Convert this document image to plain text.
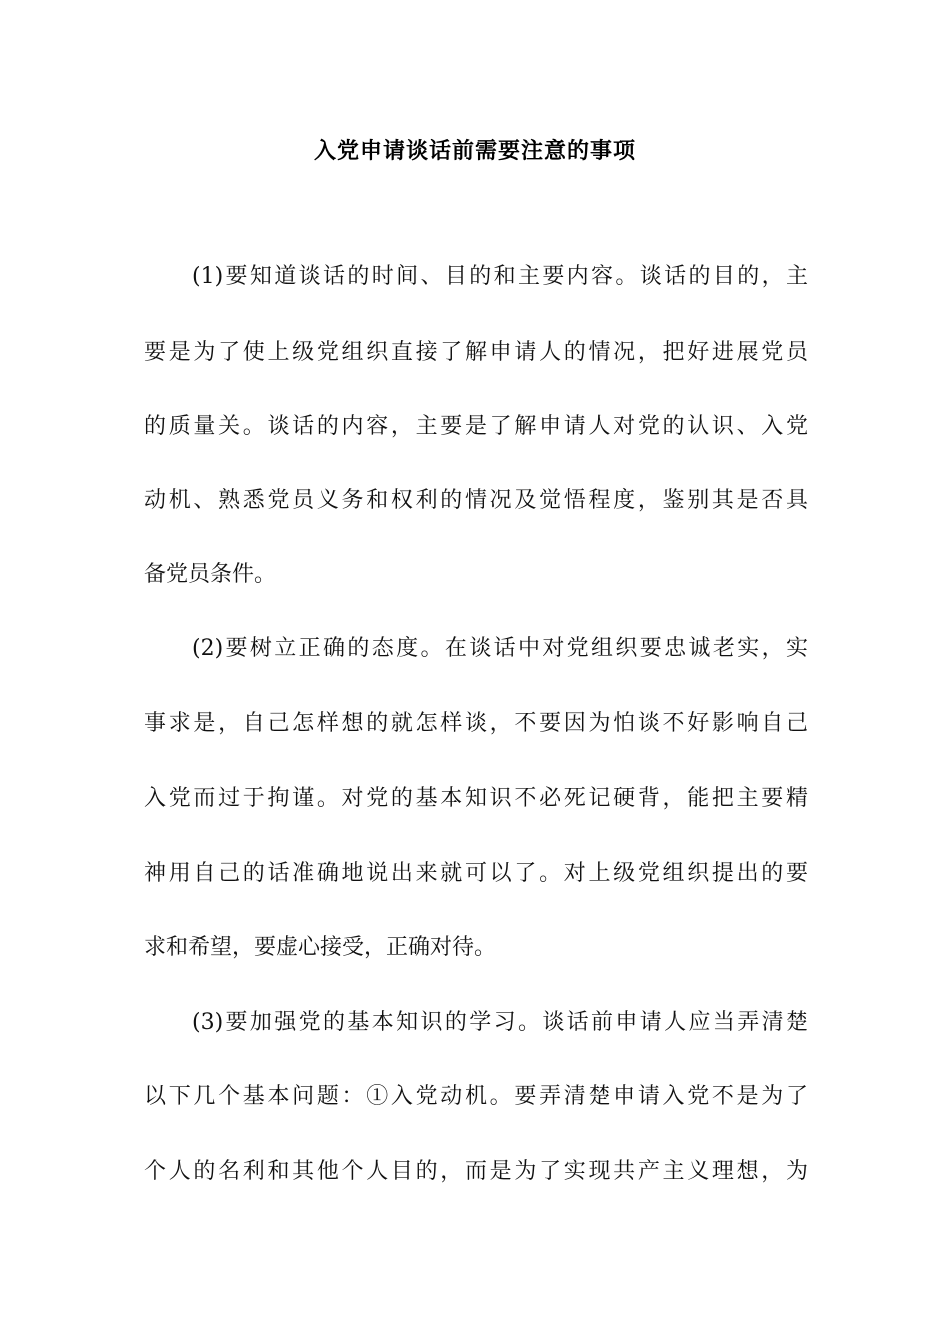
入党申请谈话前需要注意的事项
(1)要知道谈话的时间、目的和主要内容。谈话的目的，主
要是为了使上级党组织直接了解申请人的情况，把好进展党员
的质量关。谈话的内容，主要是了解申请人对党的认识、入党
动机、熟悉党员义务和权利的情况及觉悟程度，鉴别其是否具
备党员条件。
(2)要树立正确的态度。在谈话中对党组织要忠诚老实，实
事求是，自己怎样想的就怎样谈，不要因为怕谈不好影响自己
入党而过于拘谨。对党的基本知识不必死记硬背，能把主要精
神用自己的话准确地说出来就可以了。对上级党组织提出的要
求和希望，要虚心接受，正确对待。
(3)要加强党的基本知识的学习。谈话前申请人应当弄清楚
以下几个基本问题：①入党动机。要弄清楚申请入党不是为了
个人的名利和其他个人目的，而是为了实现共产主义理想，为
